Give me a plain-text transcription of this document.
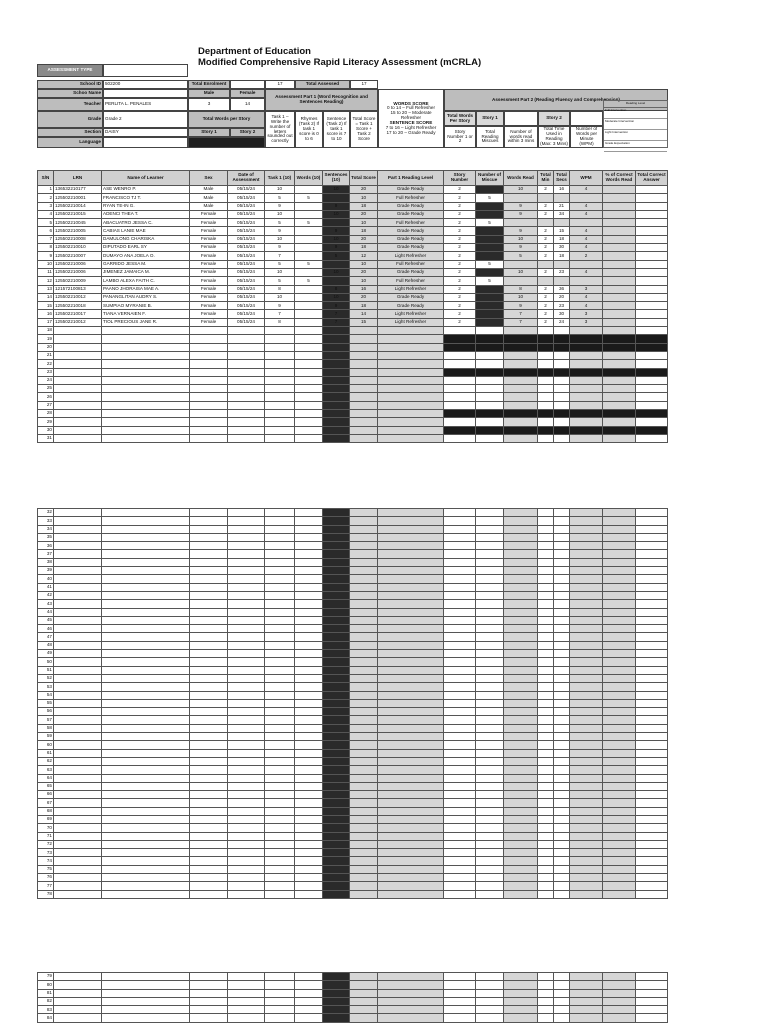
Department of Education
Modified Comprehensive Rapid Literacy Assessment (mCRLA)
ASSESSMENT TYPE
School ID 502200
Schoo Name
Teacher PERLITA L. PENALES
Grade Grade 2
Section DAISY
Language
Total Enrolment	17	Total Assessed	17
Male	Female
3	14
Total Words per Story
Story 1	Story 2
Assessment Part 1 (Word Recognition and Sentences Reading)
Task 1 – Write the number of letters sounded out correctly
Rhymes (Task 2) If task 1 score is 0 to 6
Sentence (Task 2) If task 1 score is 7 to 10
Total Score = Task 1 Score + Task 2 Score
WORDS SCORE
0 to 14 – Full Refresher
15 to 20 – Moderate Refresher
SENTENCE SCORE
7 to 16 – Light Refresher
17 to 20 – Grade Ready
Assessment Part 2 (Reading Fluency and Comprehension)
Total Words Per Story	Story 1	Story 2
Story Number 1 or 2
Total Reading Miscues
Number of words read within 3 mins
Total Time Used in Reading (Max: 3 Mins)
Number of Words per Minute (WPM)
Reading Level
Full Intervention
Moderate Intervention
Light Intervention
Grade Expectation
S/N	LRN	Name of Learner	Sex	Date of Assessment	Task 1 (10)	Words (10)	Sentences (10)	Total Score	Part 1 Reading Level	Story Number	Number of Miscue	Words Read	Total Min	Total Secs	WPM	% of Correct Words Read	Total Correct Answer
1	136532210177	ASE WENRO P.	Male	05/15/24	10		10	20	Grade Ready	2		10	2	16	4		
2	125502210001	FRANCISCO TJ T.	Male	05/15/24	5	5		10	Full Refresher	2	5						
3	125502210014	RYAN TE-IN G.	Male	05/15/24	9		9	18	Grade Ready	2		9	2	21	4		
4	125502210015	ADENCI THEA T.	Female	05/15/24	10		10	20	Grade Ready	2		9	2	34	4		
5	125502210045	ABACUATRO JESSA C.	Female	05/15/24	5	5		10	Full Refresher	2	5						
6	125502210005	CABIAS LANIE MAE	Female	05/15/24	9		9	18	Grade Ready	2		9	2	15	4		
7	125502210008	DAMULONG CHARISKA	Female	05/15/24	10		10	20	Grade Ready	2		10	2	18	4		
8	125502210010	DIPUTADO EARL SY	Female	05/15/24	9		9	18	Grade Ready	2		9	2	30	4		
9	125502210007	DUMAYO ANA JOELA O.	Female	05/15/24	7		5	12	Light Refresher	2		5	2	18	2		
10	125502210006	GARRIDO JESSA M.	Female	05/15/24	5	5		10	Full Refresher	2	5						
11	125502210006	JIMENEZ JAMAICA M.	Female	05/15/24	10		10	20	Grade Ready	2		10	2	23	4		
12	125502210009	LAMBO ALEXA FAITH C.	Female	05/15/24	5	5		10	Full Refresher	2	5						
13	121572100813	PAANO JHORAISA MAE A.	Female	05/15/24	8		8	16	Light Refresher	2		8	2	36	3		
14	125502210012	PANANGLITAN AUDRY S.	Female	05/15/24	10		10	20	Grade Ready	2		10	2	20	4		
15	125502210018	SUMPIAO MYRANIE B.	Female	05/15/24	9		9	18	Grade Ready	2		9	2	23	4		
16	125502210017	TIANA VERNAIEN F.	Female	05/15/24	7		7	14	Light Refresher	2		7	2	30	3		
17	125502210012	TIOL PRECIOUS JANE R.	Female	05/15/24	8		7	15	Light Refresher	2		7	2	24	3		
18																	
19																	
20																	
21																	
22																	
23																	
24																	
25																	
26																	
27																	
28																	
29																	
30																	
31																	
32																	
33																	
34																	
35																	
36																	
37																	
38																	
39																	
40																	
41																	
42																	
43																	
44																	
45																	
46																	
47																	
48																	
49																	
50																	
51																	
52																	
53																	
54																	
55																	
56																	
57																	
58																	
59																	
60																	
61																	
62																	
63																	
64																	
65																	
66																	
67																	
68																	
69																	
70																	
71																	
72																	
73																	
74																	
75																	
76																	
77																	
78																	
79																	
80																	
81																	
82																	
83																	
84																	
